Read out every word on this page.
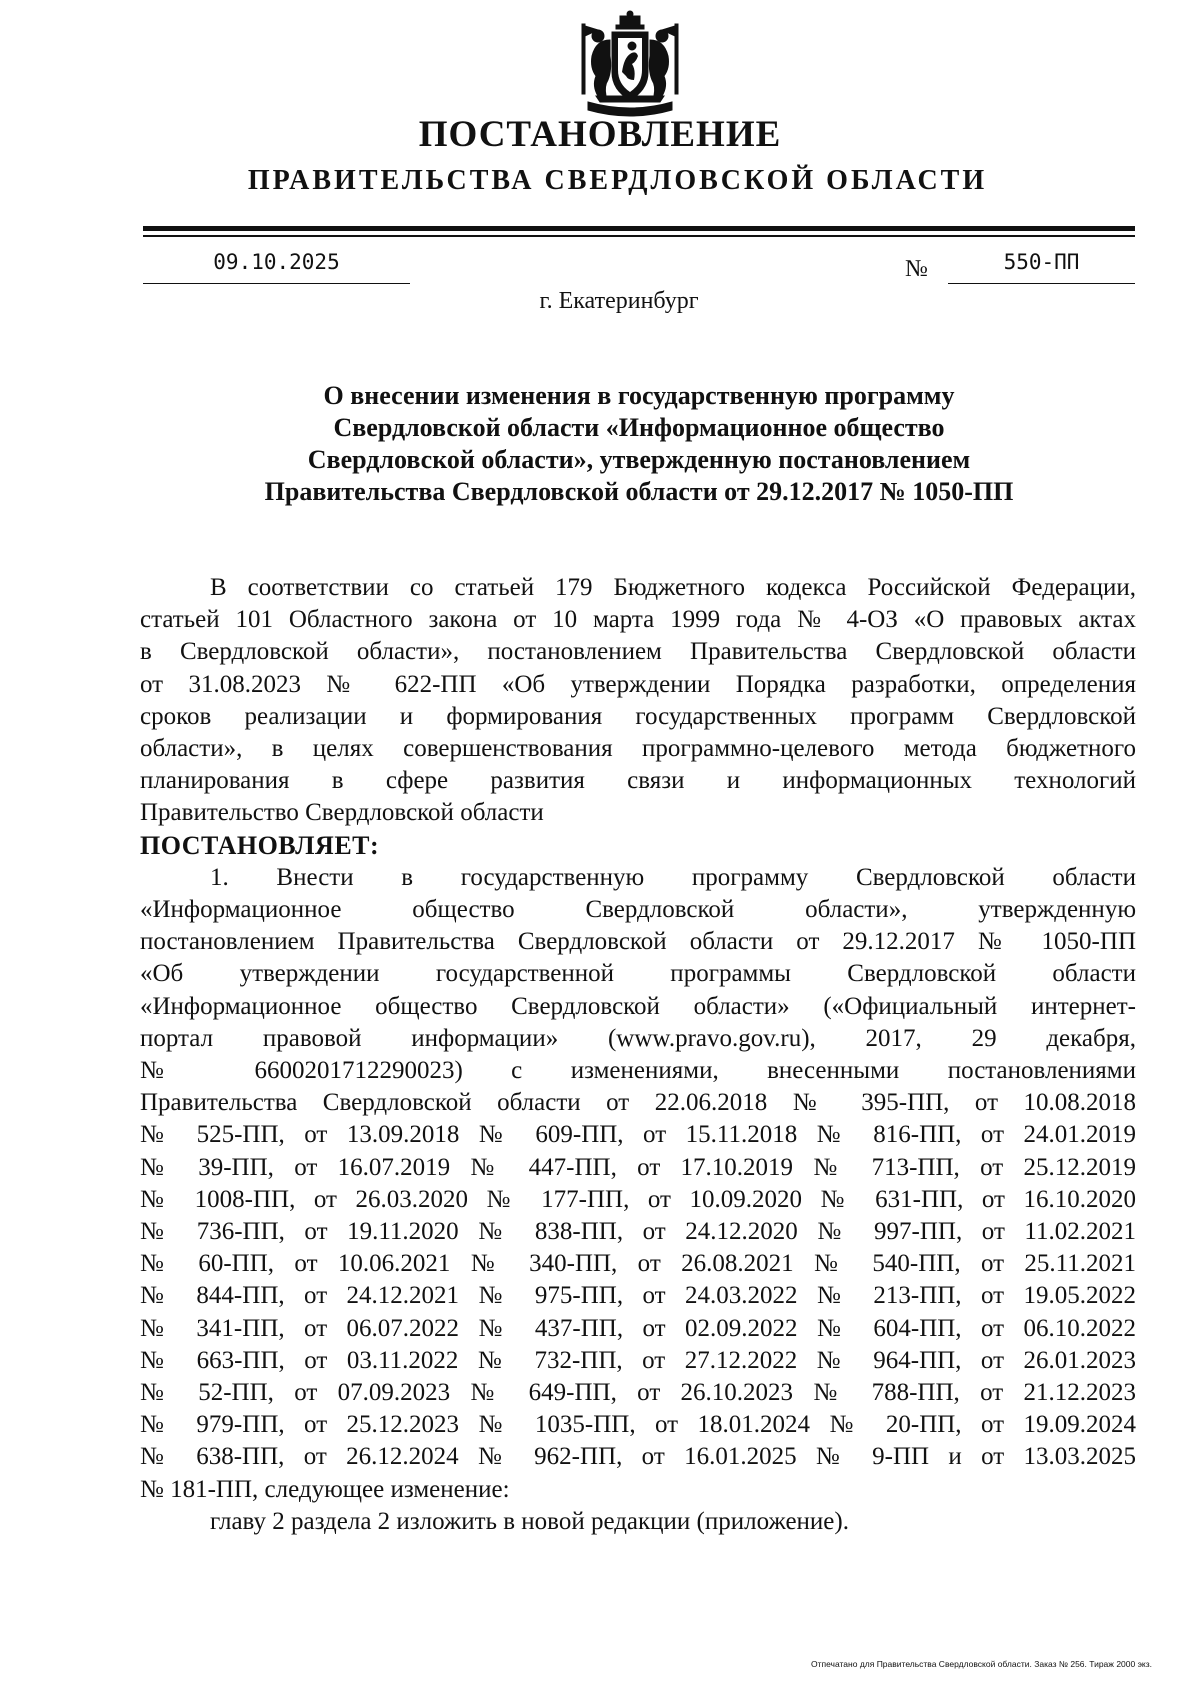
ПОСТАНОВЛЕНИЕ
ПРАВИТЕЛЬСТВА СВЕРДЛОВСКОЙ ОБЛАСТИ
09.10.2025	№	550-ПП
г. Екатеринбург
О внесении изменения в государственную программу
Свердловской области «Информационное общество
Свердловской области», утвержденную постановлением
Правительства Свердловской области от 29.12.2017 № 1050-ПП

В соответствии со статьей 179 Бюджетного кодекса Российской Федерации,

статьей 101 Областного закона от 10 марта 1999 года № 4-ОЗ «О правовых актах

в Свердловской области», постановлением Правительства Свердловской области

от 31.08.2023 № 622-ПП «Об утверждении Порядка разработки, определения

сроков реализации и формирования государственных программ Свердловской

области», в целях совершенствования программно-целевого метода бюджетного

планирования в сфере развития связи и информационных технологий

Правительство Свердловской области

ПОСТАНОВЛЯЕТ:

1. Внести в государственную программу Свердловской области

«Информационное общество Свердловской области», утвержденную

постановлением Правительства Свердловской области от 29.12.2017 № 1050-ПП

«Об утверждении государственной программы Свердловской области

«Информационное общество Свердловской области» («Официальный интернет-

портал правовой информации» (www.pravo.gov.ru), 2017, 29 декабря,

№ 6600201712290023) с изменениями, внесенными постановлениями

Правительства Свердловской области от 22.06.2018 № 395-ПП, от 10.08.2018

№ 525-ПП, от 13.09.2018 № 609-ПП, от 15.11.2018 № 816-ПП, от 24.01.2019

№ 39-ПП, от 16.07.2019 № 447-ПП, от 17.10.2019 № 713-ПП, от 25.12.2019

№ 1008-ПП, от 26.03.2020 № 177-ПП, от 10.09.2020 № 631-ПП, от 16.10.2020

№ 736-ПП, от 19.11.2020 № 838-ПП, от 24.12.2020 № 997-ПП, от 11.02.2021

№ 60-ПП, от 10.06.2021 № 340-ПП, от 26.08.2021 № 540-ПП, от 25.11.2021

№ 844-ПП, от 24.12.2021 № 975-ПП, от 24.03.2022 № 213-ПП, от 19.05.2022

№ 341-ПП, от 06.07.2022 № 437-ПП, от 02.09.2022 № 604-ПП, от 06.10.2022

№ 663-ПП, от 03.11.2022 № 732-ПП, от 27.12.2022 № 964-ПП, от 26.01.2023

№ 52-ПП, от 07.09.2023 № 649-ПП, от 26.10.2023 № 788-ПП, от 21.12.2023

№ 979-ПП, от 25.12.2023 № 1035-ПП, от 18.01.2024 № 20-ПП, от 19.09.2024

№ 638-ПП, от 26.12.2024 № 962-ПП, от 16.01.2025 № 9-ПП и от 13.03.2025

№ 181-ПП, следующее изменение:

главу 2 раздела 2 изложить в новой редакции (приложение).

Отпечатано для Правительства Свердловской области. Заказ № 256. Тираж 2000 экз.
